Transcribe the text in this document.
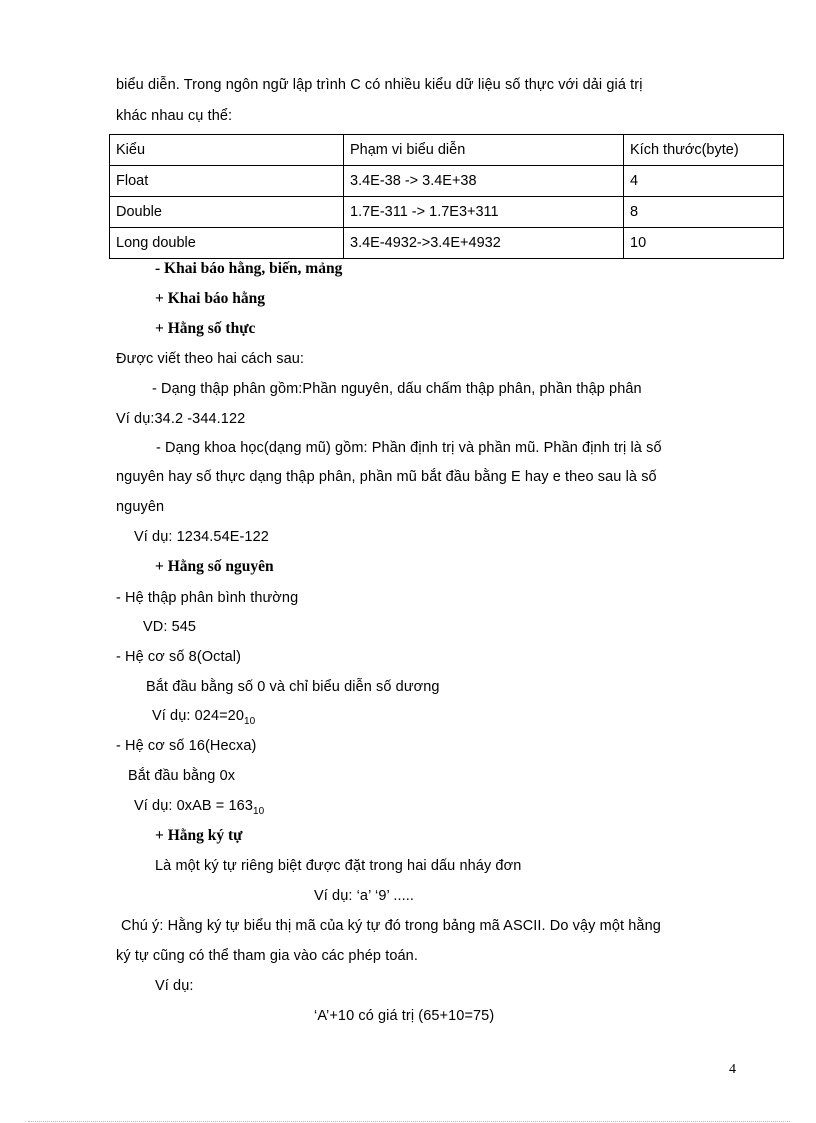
biểu diễn. Trong ngôn ngữ lập trình C có nhiều kiểu dữ liệu số thực với dải giá trị
khác nhau cụ thể:
Kiểu	Phạm vi biểu diễn	Kích thước(byte)
Float	3.4E-38 -> 3.4E+38	4
Double	1.7E-311 -> 1.7E3+311	8
Long double	3.4E-4932->3.4E+4932	10
- Khai báo hằng, biến, mảng
+ Khai báo hằng
+ Hằng số thực
Được viết theo hai cách sau:
- Dạng thập phân gồm:Phần nguyên, dấu chấm thập phân, phần thập phân
Ví dụ:34.2 -344.122
- Dạng khoa học(dạng mũ) gồm: Phần định trị và phần mũ. Phần định trị là số
nguyên hay số thực dạng thập phân, phần mũ bắt đầu bằng E hay e theo sau là số
nguyên
Ví dụ: 1234.54E-122
+ Hằng số nguyên
- Hệ thập phân bình thường
VD: 545
- Hệ cơ số 8(Octal)
Bắt đầu bằng số 0 và chỉ biểu diễn số dương
Ví dụ: $024=20_{10}$
- Hệ cơ số 16(Hecxa)
Bắt đầu bằng 0x
Ví dụ: $0xAB = 163_{10}$
+ Hằng ký tự
Là một ký tự riêng biệt được đặt trong hai dấu nháy đơn
Ví dụ: ‘a’ ‘9’ .....
Chú ý: Hằng ký tự biểu thị mã của ký tự đó trong bảng mã ASCII. Do vậy một hằng
ký tự cũng có thể tham gia vào các phép toán.
Ví dụ:
‘A’+10 có giá trị (65+10=75)
4
